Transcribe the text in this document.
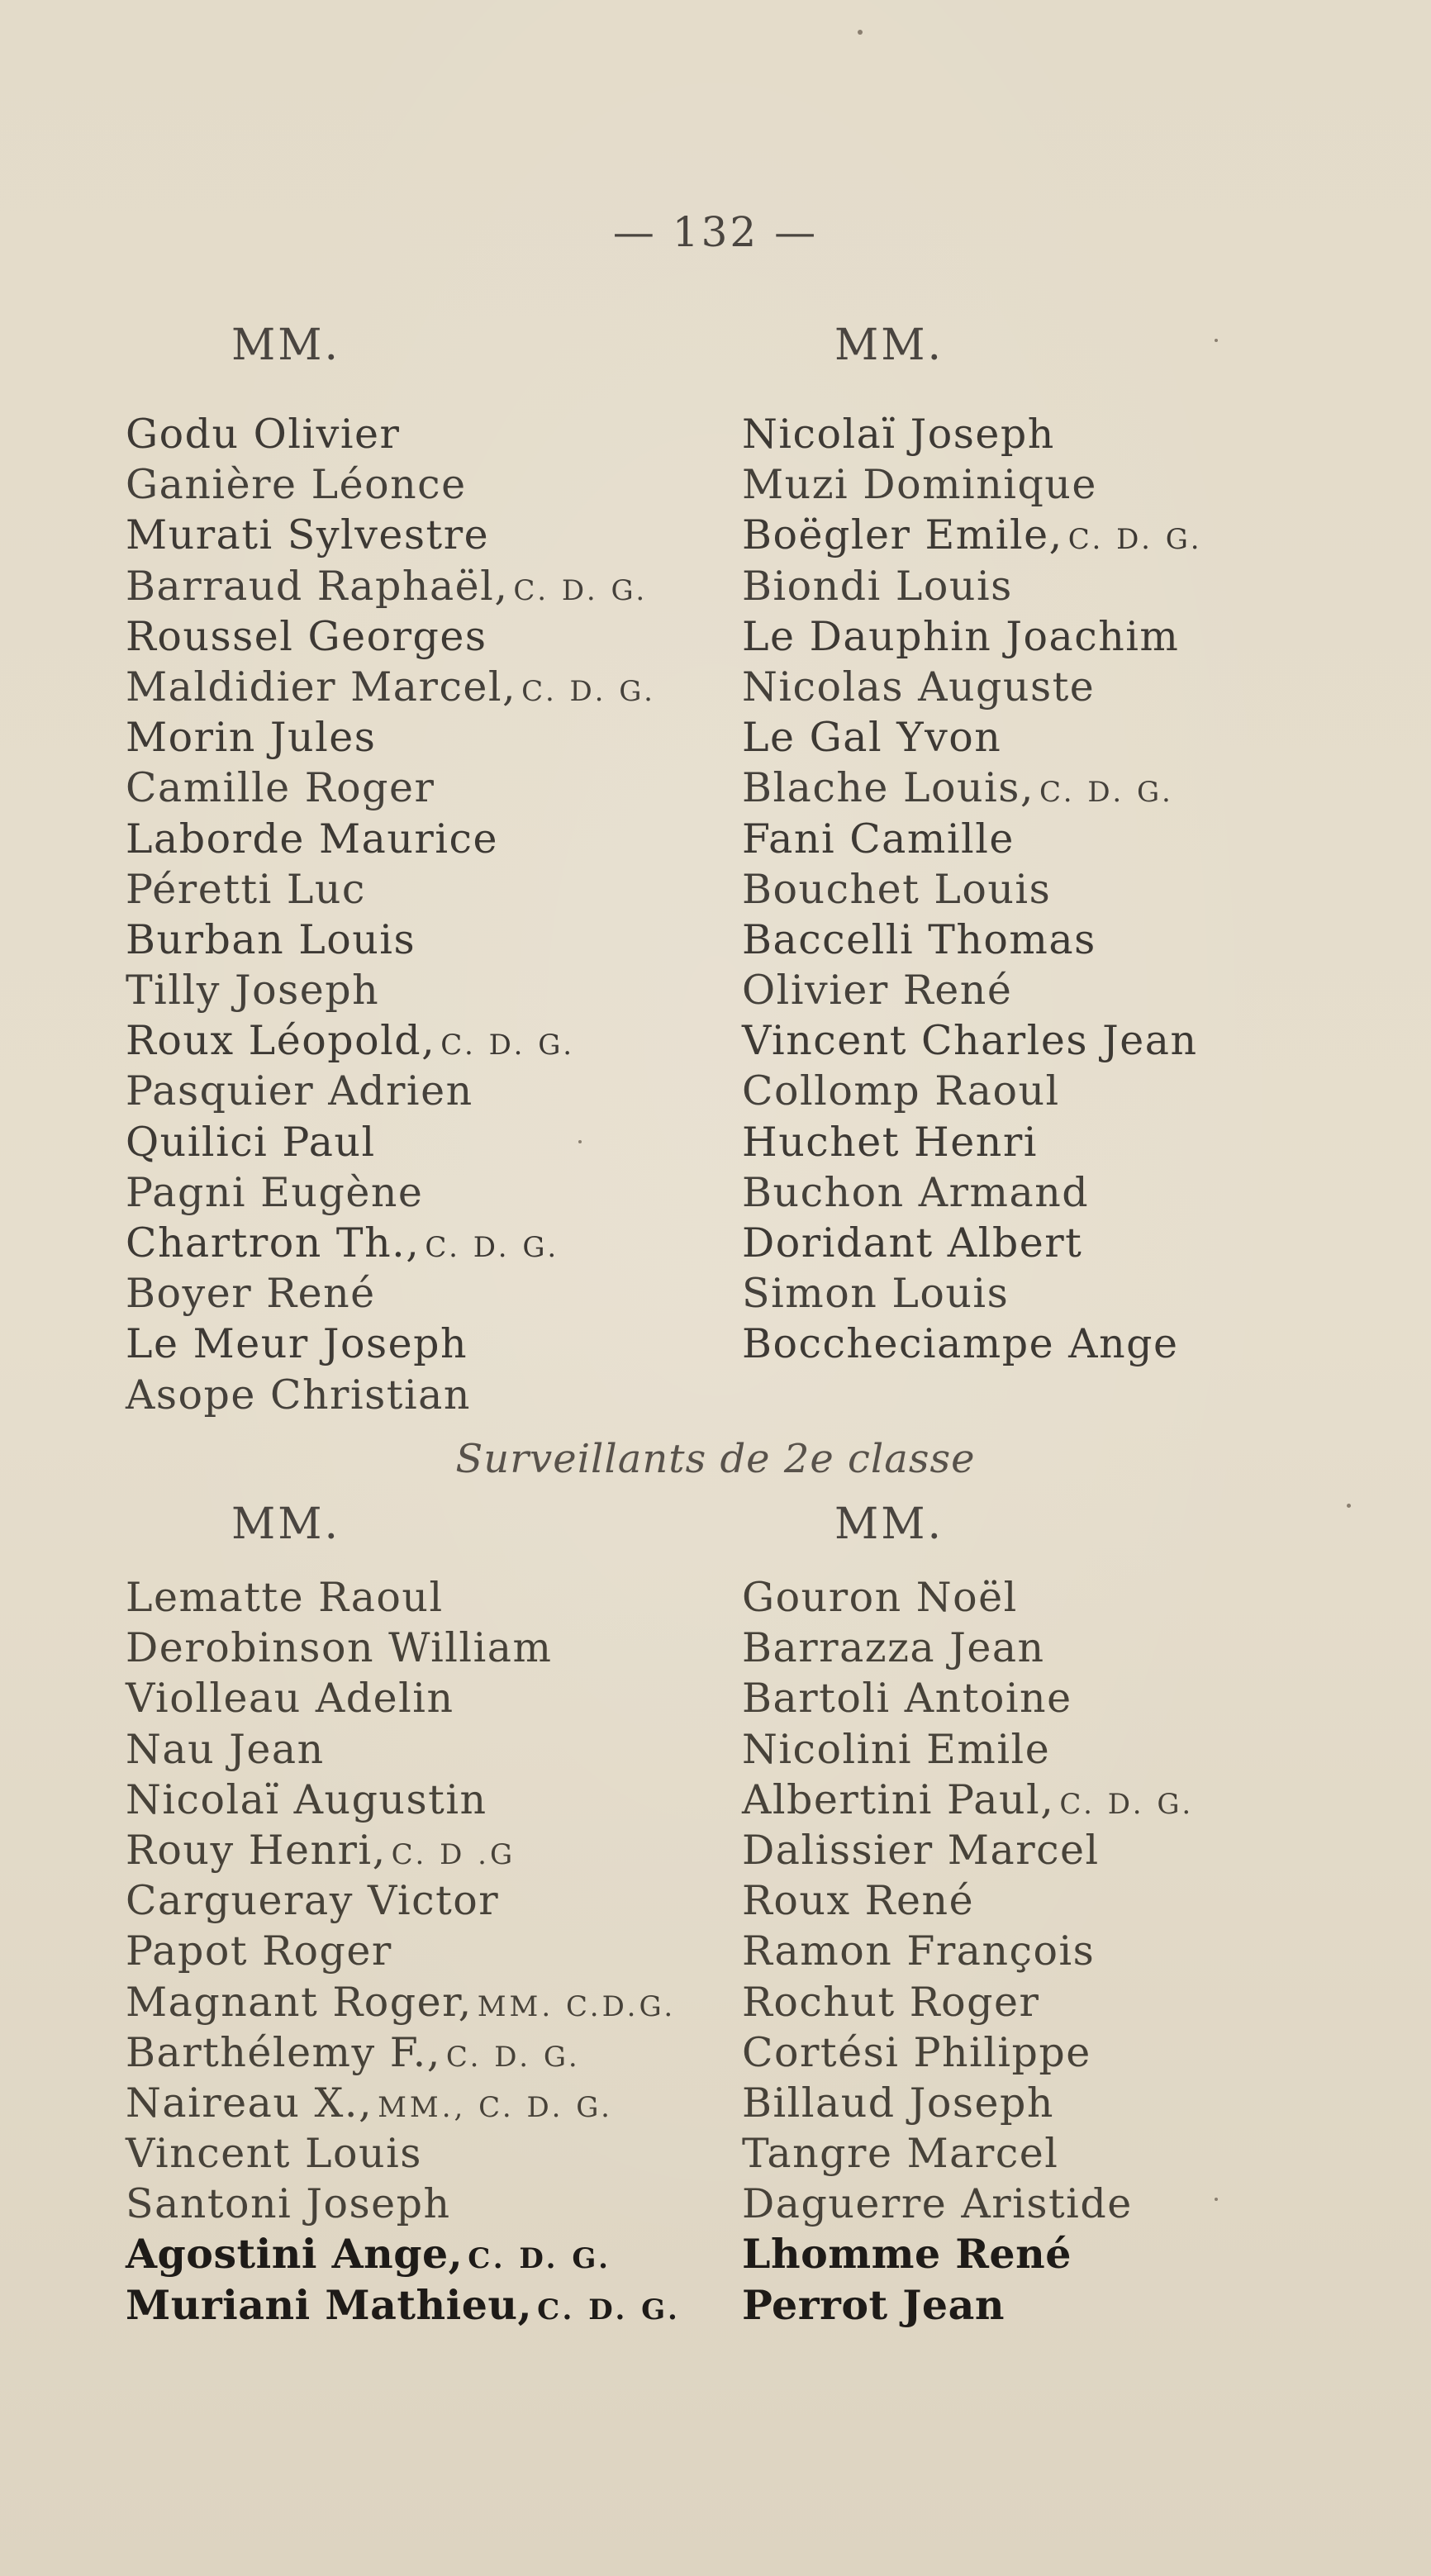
— 132 —
MM.	MM.
Godu Olivier
Ganière Léonce
Murati Sylvestre
Barraud Raphaël, C. D. G.
Roussel Georges
Maldidier Marcel, C. D. G.
Morin Jules
Camille Roger
Laborde Maurice
Péretti Luc
Burban Louis
Tilly Joseph
Roux Léopold, C. D. G.
Pasquier Adrien
Quilici Paul
Pagni Eugène
Chartron Th., C. D. G.
Boyer René
Le Meur Joseph
Asope Christian
Nicolaï Joseph
Muzi Dominique
Boëgler Emile, C. D. G.
Biondi Louis
Le Dauphin Joachim
Nicolas Auguste
Le Gal Yvon
Blache Louis, C. D. G.
Fani Camille
Bouchet Louis
Baccelli Thomas
Olivier René
Vincent Charles Jean
Collomp Raoul
Huchet Henri
Buchon Armand
Doridant Albert
Simon Louis
Boccheciampe Ange
Surveillants de 2e classe
MM.	MM.
Lematte Raoul
Derobinson William
Violleau Adelin
Nau Jean
Nicolaï Augustin
Rouy Henri, C. D .G
Cargueray Victor
Papot Roger
Magnant Roger, MM. C.D.G.
Barthélemy F., C. D. G.
Naireau X., MM., C. D. G.
Vincent Louis
Santoni Joseph
Agostini Ange, C. D. G.
Muriani Mathieu, C. D. G.
Gouron Noël
Barrazza Jean
Bartoli Antoine
Nicolini Emile
Albertini Paul, C. D. G.
Dalissier Marcel
Roux René
Ramon François
Rochut Roger
Cortési Philippe
Billaud Joseph
Tangre Marcel
Daguerre Aristide
Lhomme René
Perrot Jean
